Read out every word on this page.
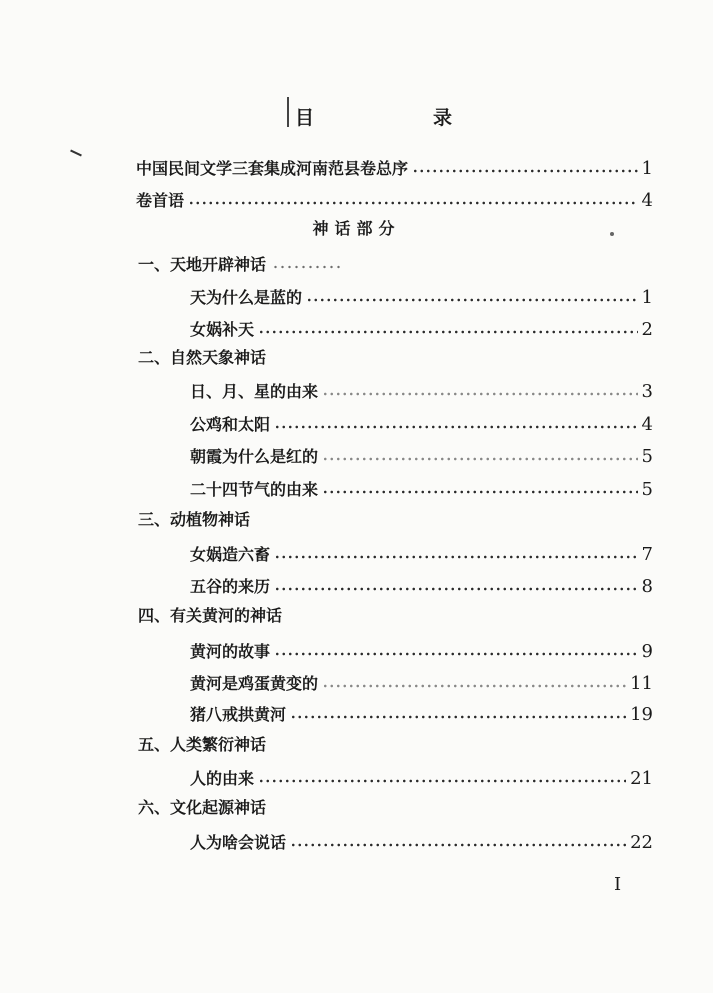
目	录
中国民间文学三套集成河南范县卷总序	1
卷首语	4
神话部分
一、天地开辟神话
天为什么是蓝的	1
女娲补天	2
二、自然天象神话
日、月、星的由来	3
公鸡和太阳	4
朝霞为什么是红的	5
二十四节气的由来	5
三、动植物神话
女娲造六畜	7
五谷的来历	8
四、有关黄河的神话
黄河的故事	9
黄河是鸡蛋黄变的	11
猪八戒拱黄河	19
五、人类繁衍神话
人的由来	21
六、文化起源神话
人为啥会说话	22
I
